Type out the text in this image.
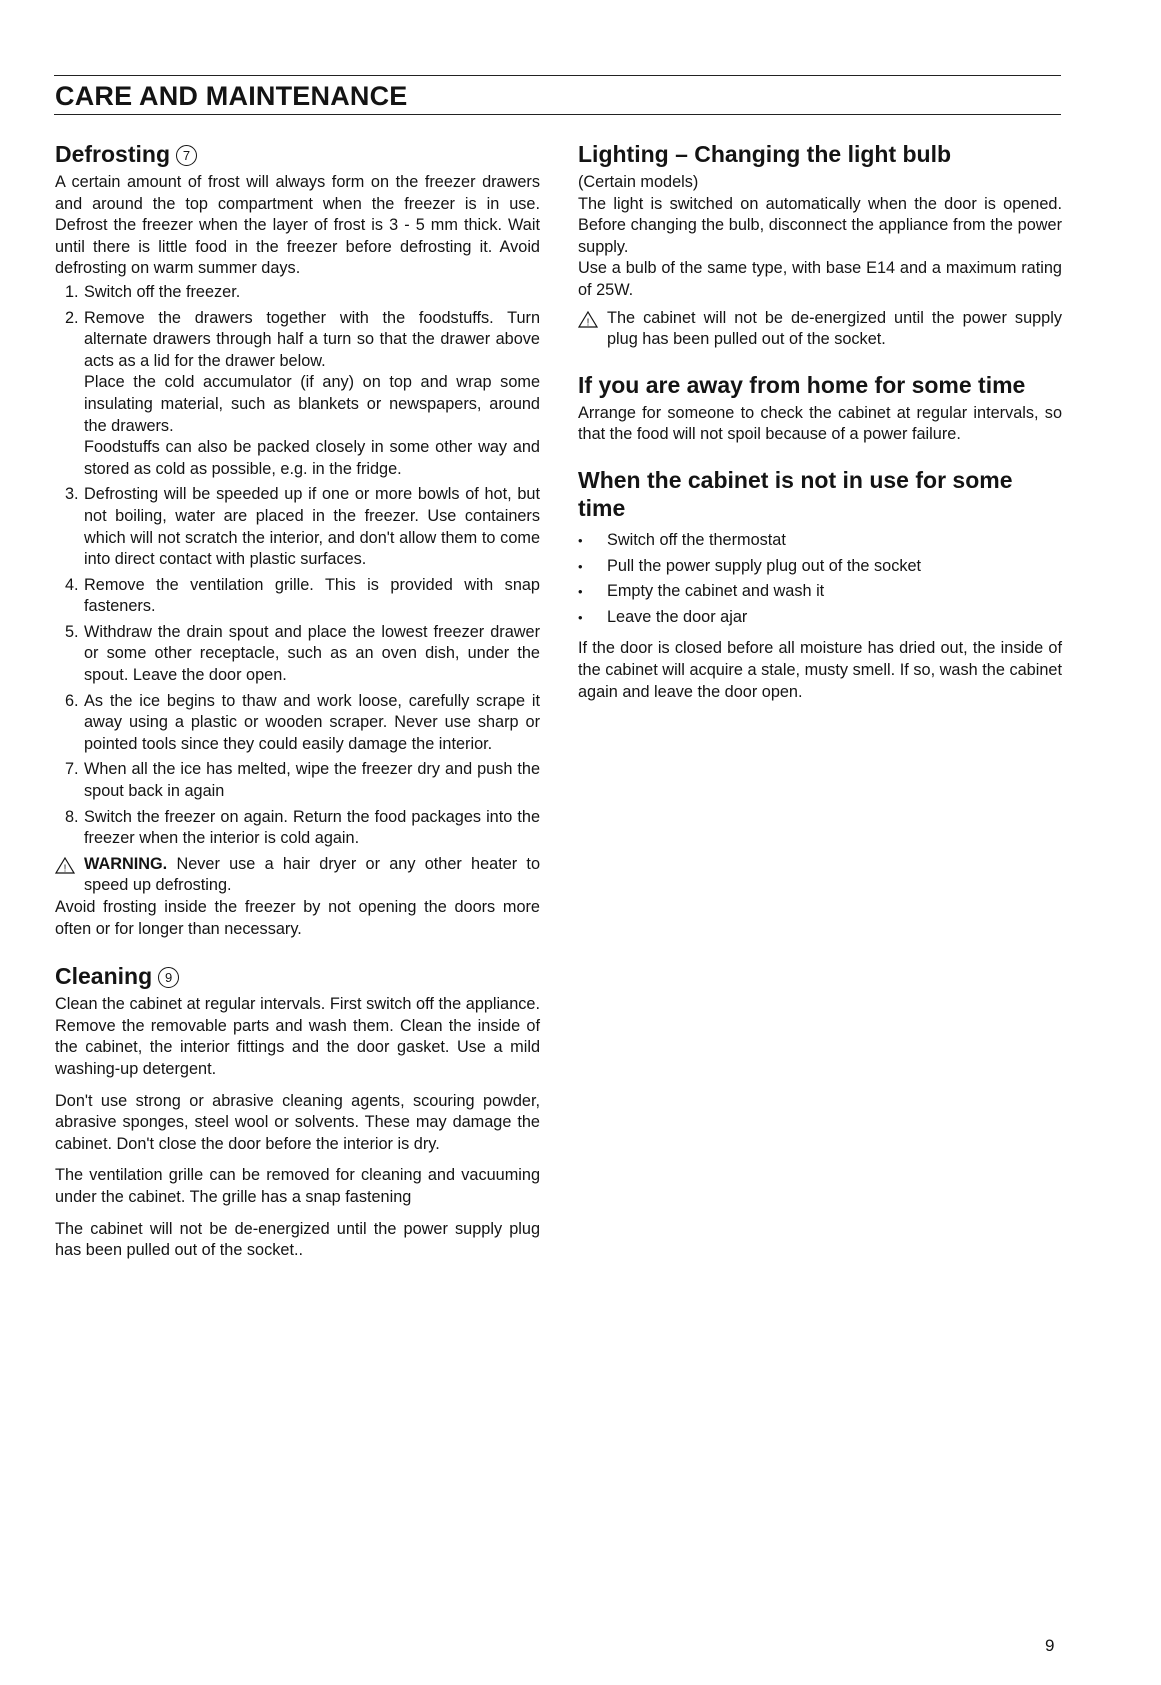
CARE AND MAINTENANCE
Defrosting 7

A certain amount of frost will always form on the freezer drawers and around the top compartment when the freezer is in use. Defrost the freezer when the layer of frost is 3 - 5 mm thick. Wait until there is little food in the freezer before defrosting it. Avoid defrosting on warm summer days.

1. Switch off the freezer.
2. Remove the drawers together with the foodstuffs. Turn alternate drawers through half a turn so that the drawer above acts as a lid for the drawer below.
Place the cold accumulator (if any) on top and wrap some insulating material, such as blankets or newspapers, around the drawers.
Foodstuffs can also be packed closely in some other way and stored as cold as possible, e.g. in the fridge.
3. Defrosting will be speeded up if one or more bowls of hot, but not boiling, water are placed in the freezer. Use containers which will not scratch the interior, and don't allow them to come into direct contact with plastic surfaces.
4. Remove the ventilation grille. This is provided with snap fasteners.
5. Withdraw the drain spout and place the lowest freezer drawer or some other receptacle, such as an oven dish, under the spout. Leave the door open.
6. As the ice begins to thaw and work loose, carefully scrape it away using a plastic or wooden scraper. Never use sharp or pointed tools since they could easily damage the interior.
7. When all the ice has melted, wipe the freezer dry and push the spout back in again
8. Switch the freezer on again. Return the food packages into the freezer when the interior is cold again.
! WARNING. Never use a hair dryer or any other heater to speed up defrosting.

Avoid frosting inside the freezer by not opening the doors more often or for longer than necessary.

Cleaning 9

Clean the cabinet at regular intervals. First switch off the appliance. Remove the removable parts and wash them. Clean the inside of the cabinet, the interior fittings and the door gasket. Use a mild washing-up detergent.

Don't use strong or abrasive cleaning agents, scouring powder, abrasive sponges, steel wool or solvents. These may damage the cabinet. Don't close the door before the interior is dry.

The ventilation grille can be removed for cleaning and vacuuming under the cabinet. The grille has a snap fastening

The cabinet will not be de-energized until the power supply plug has been pulled out of the socket..

Lighting – Changing the light bulb

(Certain models)

The light is switched on automatically when the door is opened. Before changing the bulb, disconnect the appliance from the power supply.

Use a bulb of the same type, with base E14 and a maximum rating of 25W.

! The cabinet will not be de-energized until the power supply plug has been pulled out of the socket.
If you are away from home for some time

Arrange for someone to check the cabinet at regular intervals, so that the food will not spoil because of a power failure.

When the cabinet is not in use for some time
• Switch off the thermostat
• Pull the power supply plug out of the socket
• Empty the cabinet and wash it
• Leave the door ajar

If the door is closed before all moisture has dried out, the inside of the cabinet will acquire a stale, musty smell. If so, wash the cabinet again and leave the door open.

9
